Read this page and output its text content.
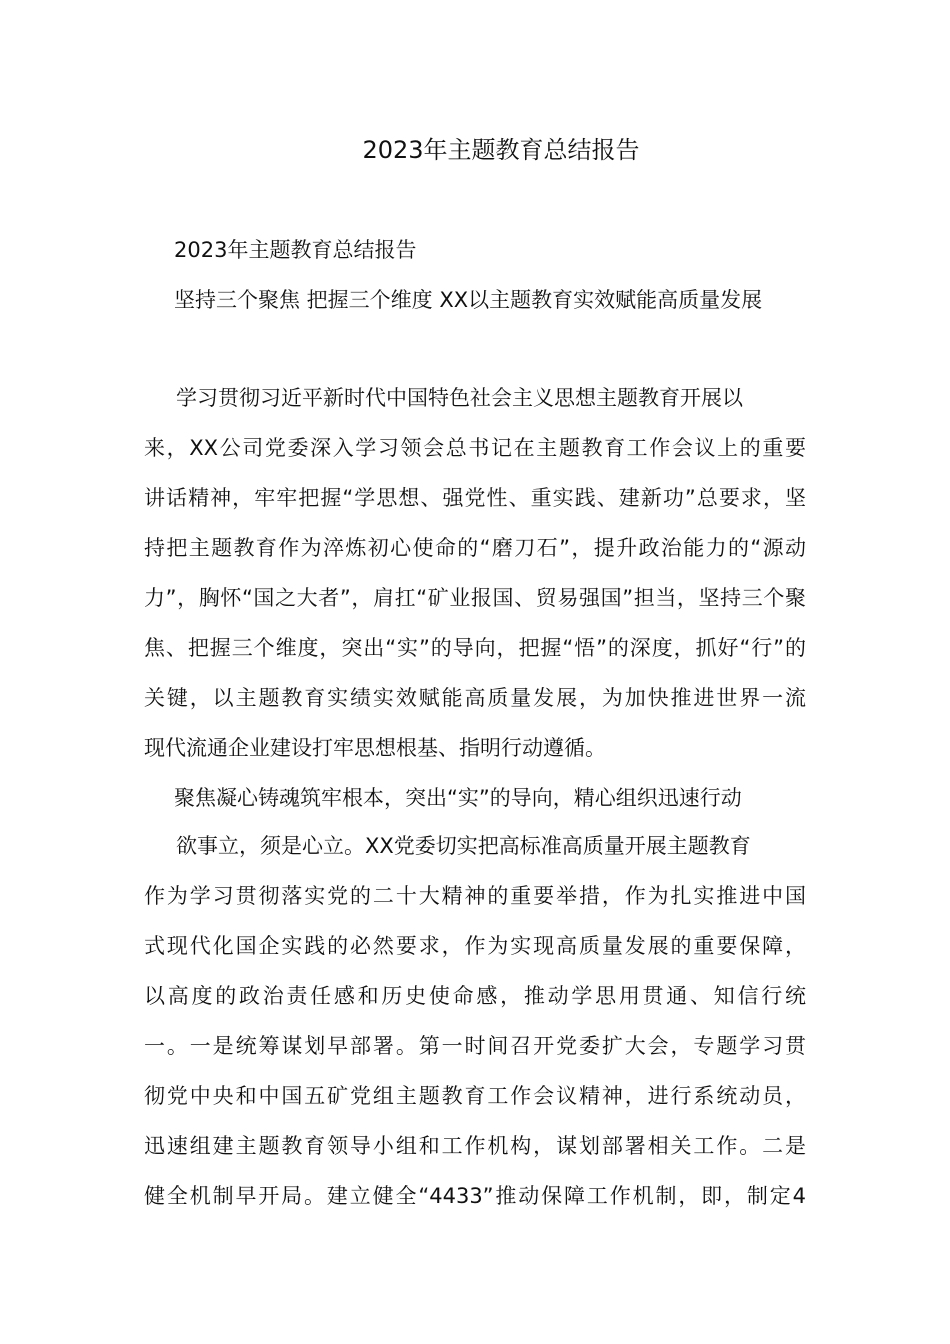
2023年主题教育总结报告
2023年主题教育总结报告
坚持三个聚焦 把握三个维度 XX以主题教育实效赋能高质量发展
学习贯彻习近平新时代中国特色社会主义思想主题教育开展以
来，XX公司党委深入学习领会总书记在主题教育工作会议上的重要
讲话精神，牢牢把握“学思想、强党性、重实践、建新功”总要求，坚
持把主题教育作为淬炼初心使命的“磨刀石”，提升政治能力的“源动
力”，胸怀“国之大者”，肩扛“矿业报国、贸易强国”担当，坚持三个聚
焦、把握三个维度，突出“实”的导向，把握“悟”的深度，抓好“行”的
关键，以主题教育实绩实效赋能高质量发展，为加快推进世界一流
现代流通企业建设打牢思想根基、指明行动遵循。
聚焦凝心铸魂筑牢根本，突出“实”的导向，精心组织迅速行动
欲事立，须是心立。XX党委切实把高标准高质量开展主题教育
作为学习贯彻落实党的二十大精神的重要举措，作为扎实推进中国
式现代化国企实践的必然要求，作为实现高质量发展的重要保障，
以高度的政治责任感和历史使命感，推动学思用贯通、知信行统
一。一是统筹谋划早部署。第一时间召开党委扩大会，专题学习贯
彻党中央和中国五矿党组主题教育工作会议精神，进行系统动员，
迅速组建主题教育领导小组和工作机构，谋划部署相关工作。二是
健全机制早开局。建立健全“4433”推动保障工作机制，即，制定4
